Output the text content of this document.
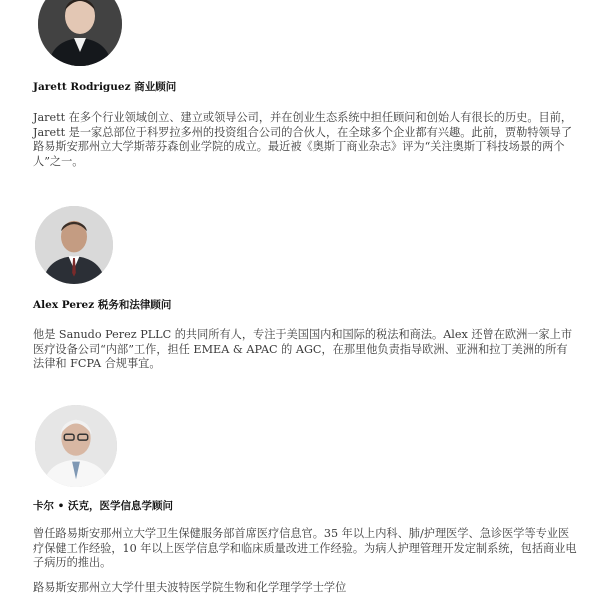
Jarett Rodriguez 商业顾问

Jarett 在多个行业领域创立、建立或领导公司，并在创业生态系统中担任顾问和创始人有很长的历史。目前，Jarett 是一家总部位于科罗拉多州的投资组合公司的合伙人，在全球多个企业都有兴趣。此前，贾勒特领导了路易斯安那州立大学斯蒂芬森创业学院的成立。最近被《奥斯丁商业杂志》评为“关注奥斯丁科技场景的两个人”之一。

Alex Perez 税务和法律顾问

他是 Sanudo Perez PLLC 的共同所有人，专注于美国国内和国际的税法和商法。Alex 还曾在欧洲一家上市医疗设备公司“内部”工作，担任 EMEA & APAC 的 AGC，在那里他负责指导欧洲、亚洲和拉丁美洲的所有法律和 FCPA 合规事宜。

卡尔 • 沃克，医学信息学顾问

曾任路易斯安那州立大学卫生保健服务部首席医疗信息官。35 年以上内科、肺/护理医学、急诊医学等专业医疗保健工作经验，10 年以上医学信息学和临床质量改进工作经验。为病人护理管理开发定制系统，包括商业电子病历的推出。

路易斯安那州立大学什里夫波特医学院生物和化学理学学士学位
